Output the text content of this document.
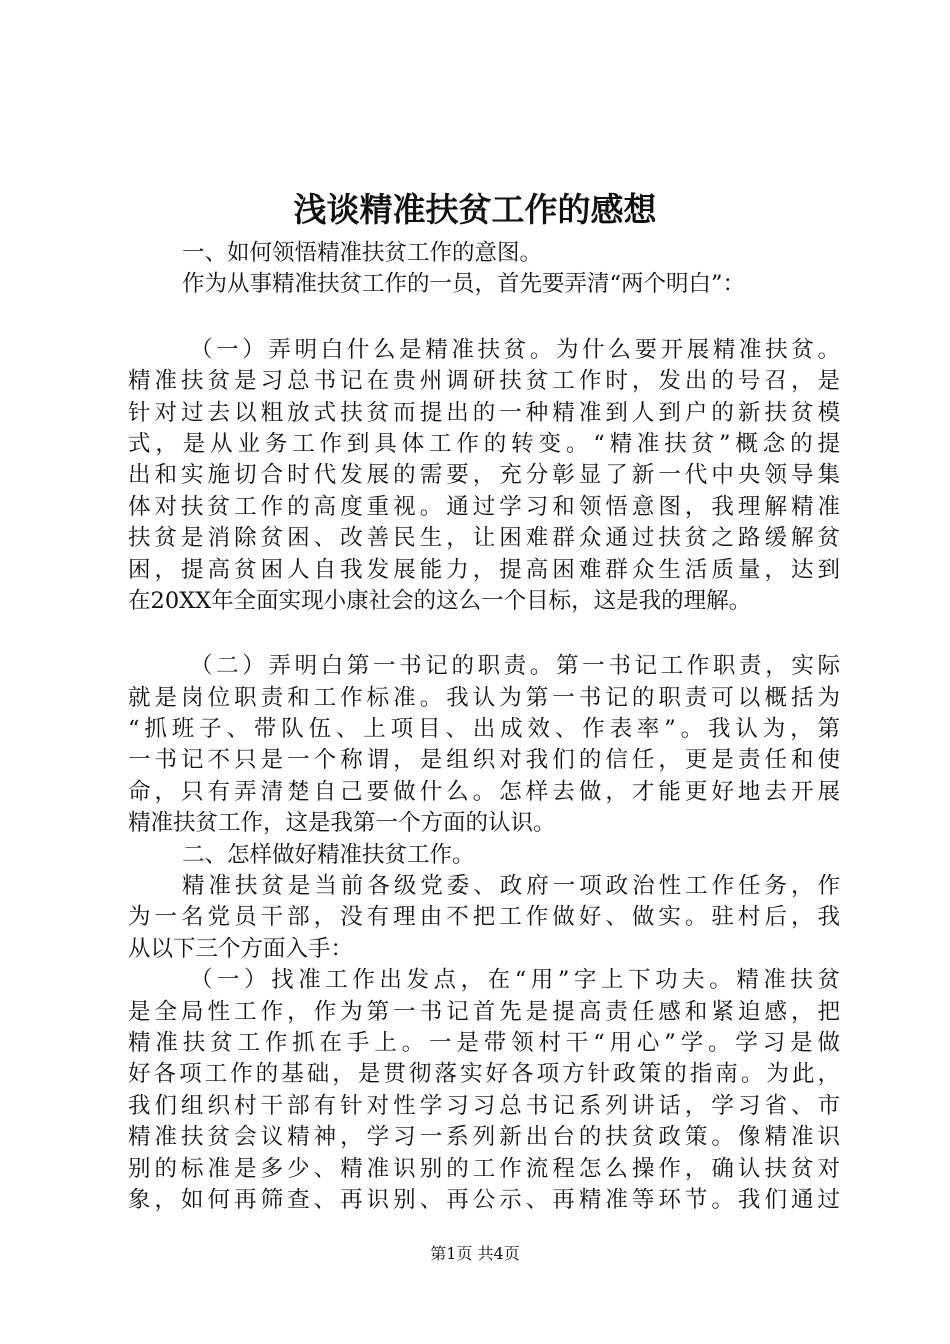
浅谈精准扶贫工作的感想
一、如何领悟精准扶贫工作的意图。
作为从事精准扶贫工作的一员，首先要弄清“两个明白”：
（一）弄明白什么是精准扶贫。为什么要开展精准扶贫。
精准扶贫是习总书记在贵州调研扶贫工作时，发出的号召，是
针对过去以粗放式扶贫而提出的一种精准到人到户的新扶贫模
式，是从业务工作到具体工作的转变。“精准扶贫”概念的提
出和实施切合时代发展的需要，充分彰显了新一代中央领导集
体对扶贫工作的高度重视。通过学习和领悟意图，我理解精准
扶贫是消除贫困、改善民生，让困难群众通过扶贫之路缓解贫
困，提高贫困人自我发展能力，提高困难群众生活质量，达到
在20XX年全面实现小康社会的这么一个目标，这是我的理解。
（二）弄明白第一书记的职责。第一书记工作职责，实际
就是岗位职责和工作标准。我认为第一书记的职责可以概括为
“抓班子、带队伍、上项目、出成效、作表率”。我认为，第
一书记不只是一个称谓，是组织对我们的信任，更是责任和使
命，只有弄清楚自己要做什么。怎样去做，才能更好地去开展
精准扶贫工作，这是我第一个方面的认识。
二、怎样做好精准扶贫工作。
精准扶贫是当前各级党委、政府一项政治性工作任务，作
为一名党员干部，没有理由不把工作做好、做实。驻村后，我
从以下三个方面入手：
（一）找准工作出发点，在“用”字上下功夫。精准扶贫
是全局性工作，作为第一书记首先是提高责任感和紧迫感，把
精准扶贫工作抓在手上。一是带领村干“用心”学。学习是做
好各项工作的基础，是贯彻落实好各项方针政策的指南。为此，
我们组织村干部有针对性学习习总书记系列讲话，学习省、市
精准扶贫会议精神，学习一系列新出台的扶贫政策。像精准识
别的标准是多少、精准识别的工作流程怎么操作，确认扶贫对
象，如何再筛查、再识别、再公示、再精准等环节。我们通过
第1页 共4页
